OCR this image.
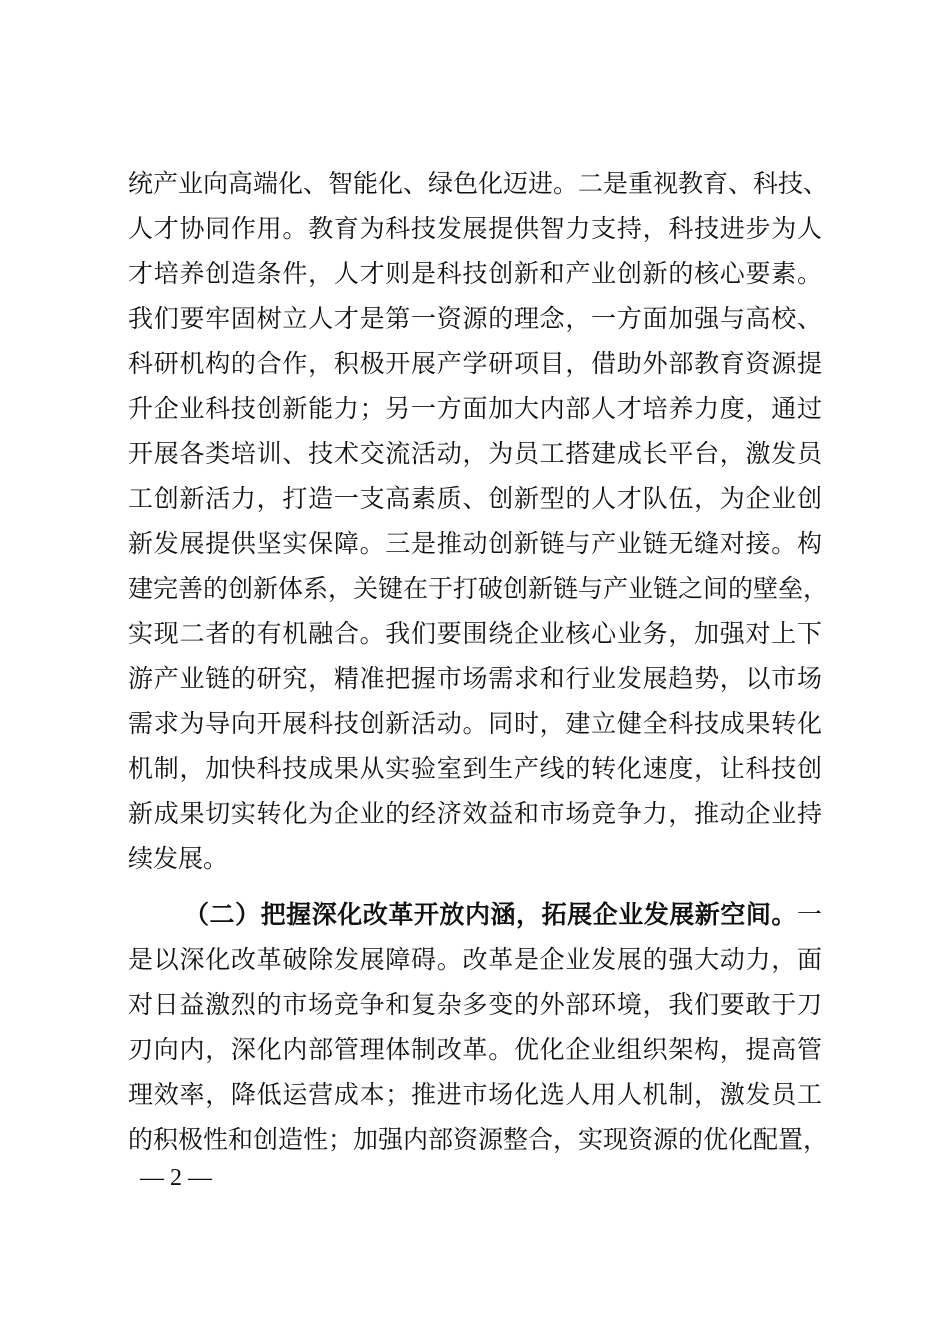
统产业向高端化、智能化、绿色化迈进。二是重视教育、科技、
人才协同作用。教育为科技发展提供智力支持，科技进步为人
才培养创造条件，人才则是科技创新和产业创新的核心要素。
我们要牢固树立人才是第一资源的理念，一方面加强与高校、
科研机构的合作，积极开展产学研项目，借助外部教育资源提
升企业科技创新能力；另一方面加大内部人才培养力度，通过
开展各类培训、技术交流活动，为员工搭建成长平台，激发员
工创新活力，打造一支高素质、创新型的人才队伍，为企业创
新发展提供坚实保障。三是推动创新链与产业链无缝对接。构
建完善的创新体系，关键在于打破创新链与产业链之间的壁垒，
实现二者的有机融合。我们要围绕企业核心业务，加强对上下
游产业链的研究，精准把握市场需求和行业发展趋势，以市场
需求为导向开展科技创新活动。同时，建立健全科技成果转化
机制，加快科技成果从实验室到生产线的转化速度，让科技创
新成果切实转化为企业的经济效益和市场竞争力，推动企业持
续发展。
（二）把握深化改革开放内涵，拓展企业发展新空间。一
是以深化改革破除发展障碍。改革是企业发展的强大动力，面
对日益激烈的市场竞争和复杂多变的外部环境，我们要敢于刀
刃向内，深化内部管理体制改革。优化企业组织架构，提高管
理效率，降低运营成本；推进市场化选人用人机制，激发员工
的积极性和创造性；加强内部资源整合，实现资源的优化配置，
— 2 —
